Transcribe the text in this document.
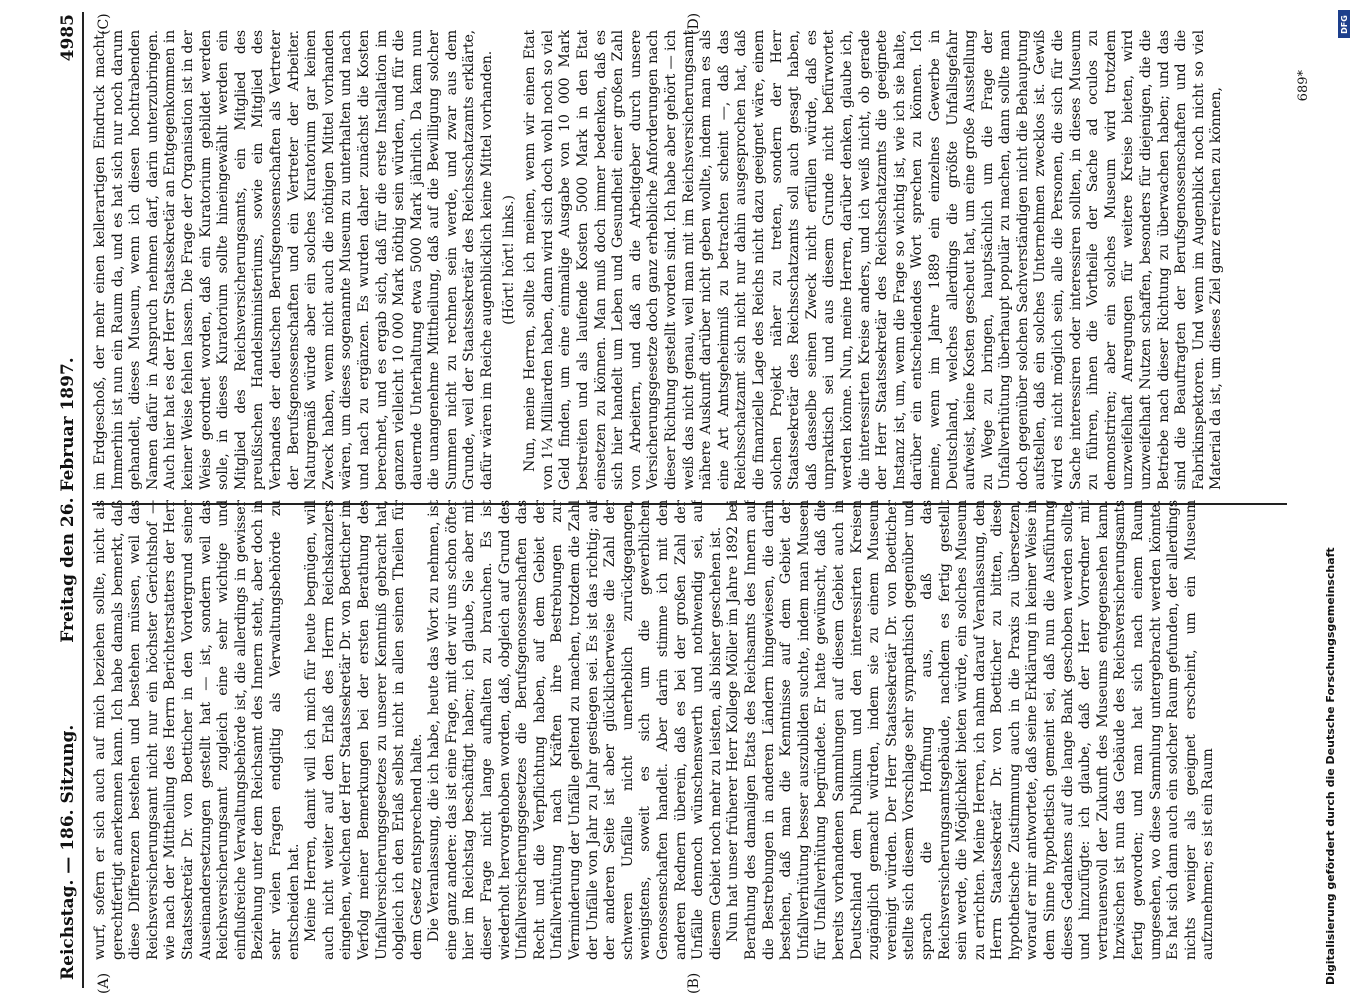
Reichstag. — 186. Sitzung.
Freitag den 26. Februar 1897.
4985
(A)	(B)
(C)	(D)

wurf, sofern er sich auch auf mich beziehen sollte, nicht als gerechtfertigt anerkennen kann. Ich habe damals bemerkt, daß diese Differenzen bestehen und bestehen müssen, weil das Reichsversicherungsamt nicht nur ein höchster Gerichtshof — wie nach der Mittheilung des Herrn Berichterstatters der Herr Staatssekretär Dr. von Boetticher in den Vordergrund seiner Auseinandersetzungen gestellt hat — ist, sondern weil das Reichsversicherungsamt zugleich eine sehr wichtige und einflußreiche Verwaltungsbehörde ist, die allerdings in gewisser Beziehung unter dem Reichsamt des Innern steht, aber doch in sehr vielen Fragen endgiltig als Verwaltungsbehörde zu entscheiden hat. Meine Herren, damit will ich mich für heute begnügen, will auch nicht weiter auf den Erlaß des Herrn Reichskanzlers eingehen, welchen der Herr Staatssekretär Dr. von Boetticher im Verfolg meiner Bemerkungen bei der ersten Berathung des Unfallversicherungsgesetzes zu unserer Kenntniß gebracht hat, obgleich ich den Erlaß selbst nicht in allen seinen Theilen für dem Gesetz entsprechend halte. Die Veranlassung, die ich habe, heute das Wort zu nehmen, ist eine ganz andere: das ist eine Frage, mit der wir uns schon öfter hier im Reichstag beschäftigt haben; ich glaube, Sie aber mit dieser Frage nicht lange aufhalten zu brauchen. Es ist wiederholt hervorgehoben worden, daß, obgleich auf Grund des Unfallversicherungsgesetzes die Berufsgenossenschaften das Recht und die Verpflichtung haben, auf dem Gebiet der Unfallverhütung nach Kräften ihre Bestrebungen zur Verminderung der Unfälle geltend zu machen, trotzdem die Zahl der Unfälle von Jahr zu Jahr gestiegen sei. Es ist das richtig; auf der anderen Seite ist aber glücklicherweise die Zahl der schweren Unfälle nicht unerheblich zurückgegangen, wenigstens, soweit es sich um die gewerblichen Genossenschaften handelt. Aber darin stimme ich mit den anderen Rednern überein, daß es bei der großen Zahl der Unfälle dennoch wünschenswerth und nothwendig sei, auf diesem Gebiet noch mehr zu leisten, als bisher geschehen ist. Nun hat unser früherer Herr Kollege Möller im Jahre 1892 bei Berathung des damaligen Etats des Reichsamts des Innern auf die Bestrebungen in anderen Ländern hingewiesen, die darin bestehen, daß man die Kenntnisse auf dem Gebiet der Unfallverhütung besser auszubilden suchte, indem man Museen für Unfallverhütung begründete. Er hatte gewünscht, daß die bereits vorhandenen Sammlungen auf diesem Gebiet auch in Deutschland dem Publikum und den interessirten Kreisen zugänglich gemacht würden, indem sie zu einem Museum vereinigt würden. Der Herr Staatssekretär Dr. von Boetticher stellte sich diesem Vorschlage sehr sympathisch gegenüber und sprach die Hoffnung aus, daß das Reichsversicherungsamtsgebäude, nachdem es fertig gestellt sein werde, die Möglichkeit bieten würde, ein solches Museum zu errichten. Meine Herren, ich nahm darauf Veranlassung, den Herrn Staatssekretär Dr. von Boetticher zu bitten, diese hypothetische Zustimmung auch in die Praxis zu übersetzen, worauf er mir antwortete, daß seine Erklärung in keiner Weise in dem Sinne hypothetisch gemeint sei, daß nun die Ausführung dieses Gedankens auf die lange Bank geschoben werden sollte, und hinzufügte: ich glaube, daß der Herr Vorredner mit vertrauensvoll der Zukunft des Museums entgegensehen kann. Inzwischen ist nun das Gebäude des Reichsversicherungsamts fertig geworden; und man hat sich nach einem Raum umgesehen, wo diese Sammlung untergebracht werden könnte. Es hat sich dann auch ein solcher Raum gefunden, der allerdings nichts weniger als geeignet erscheint, um ein Museum aufzunehmen; es ist ein Raum

im Erdgeschoß, der mehr einen kellerartigen Eindruck macht. Immerhin ist nun ein Raum da, und es hat sich nur noch darum gehandelt, dieses Museum, wenn ich diesen hochtrabenden Namen dafür in Anspruch nehmen darf, darin unterzubringen. Auch hier hat es der Herr Staatssekretär an Entgegenkommen in keiner Weise fehlen lassen. Die Frage der Organisation ist in der Weise geordnet worden, daß ein Kuratorium gebildet werden solle, in dieses Kuratorium sollte hineingewählt werden ein Mitglied des Reichsversicherungsamts, ein Mitglied des preußischen Handelsministeriums, sowie ein Mitglied des Verbandes der deutschen Berufsgenossenschaften als Vertreter der Berufsgenossenschaften und ein Vertreter der Arbeiter. Naturgemäß würde aber ein solches Kuratorium gar keinen Zweck haben, wenn nicht auch die nöthigen Mittel vorhanden wären, um dieses sogenannte Museum zu unterhalten und nach und nach zu ergänzen. Es wurden daher zunächst die Kosten berechnet, und es ergab sich, daß für die erste Installation im ganzen vielleicht 10 000 Mark nöthig sein würden, und für die dauernde Unterhaltung etwa 5000 Mark jährlich. Da kam nun die unangenehme Mittheilung, daß auf die Bewilligung solcher Summen nicht zu rechnen sein werde, und zwar aus dem Grunde, weil der Staatssekretär des Reichsschatzamts erklärte, dafür wären im Reiche augenblicklich keine Mittel vorhanden. (Hört! hört! links.) Nun, meine Herren, sollte ich meinen, wenn wir einen Etat von 1¼ Milliarden haben, dann wird sich doch wohl noch so viel Geld finden, um eine einmalige Ausgabe von 10 000 Mark bestreiten und als laufende Kosten 5000 Mark in den Etat einsetzen zu können. Man muß doch immer bedenken, daß es sich hier handelt um Leben und Gesundheit einer großen Zahl von Arbeitern, und daß an die Arbeitgeber durch unsere Versicherungsgesetze doch ganz erhebliche Anforderungen nach dieser Richtung gestellt worden sind. Ich habe aber gehört — ich weiß das nicht genau, weil man mit im Reichsversicherungsamt nähere Auskunft darüber nicht geben wollte, indem man es als eine Art Amtsgeheimniß zu betrachten scheint —, daß das Reichsschatzamt sich nicht nur dahin ausgesprochen hat, daß die finanzielle Lage des Reichs nicht dazu geeignet wäre, einem solchen Projekt näher zu treten, sondern der Herr Staatssekretär des Reichsschatzamts soll auch gesagt haben, daß dasselbe seinen Zweck nicht erfüllen würde, daß es unpraktisch sei und aus diesem Grunde nicht befürwortet werden könne. Nun, meine Herren, darüber denken, glaube ich, die interessirten Kreise anders, und ich weiß nicht, ob gerade der Herr Staatssekretär des Reichsschatzamts die geeignete Instanz ist, um, wenn die Frage so wichtig ist, wie ich sie halte, darüber ein entscheidendes Wort sprechen zu können. Ich meine, wenn im Jahre 1889 ein einzelnes Gewerbe in Deutschland, welches allerdings die größte Unfallsgefahr aufweist, keine Kosten gescheut hat, um eine große Ausstellung zu Wege zu bringen, hauptsächlich um die Frage der Unfallverhütung überhaupt populär zu machen, dann sollte man doch gegenüber solchen Sachverständigen nicht die Behauptung aufstellen, daß ein solches Unternehmen zwecklos ist. Gewiß wird es nicht möglich sein, alle die Personen, die sich für die Sache interessiren oder interessiren sollten, in dieses Museum zu führen, ihnen die Vortheile der Sache ad oculos zu demonstriren; aber ein solches Museum wird trotzdem unzweifelhaft Anregungen für weitere Kreise bieten, wird unzweifelhaft Nutzen schaffen, besonders für diejenigen, die die Betriebe nach dieser Richtung zu überwachen haben; und das sind die Beauftragten der Berufsgenossenschaften und die Fabrikinspektoren. Und wenn im Augenblick noch nicht so viel Material da ist, um dieses Ziel ganz erreichen zu können,

689*
Digitalisierung gefördert durch die Deutsche Forschungsgemeinschaft
DFG
